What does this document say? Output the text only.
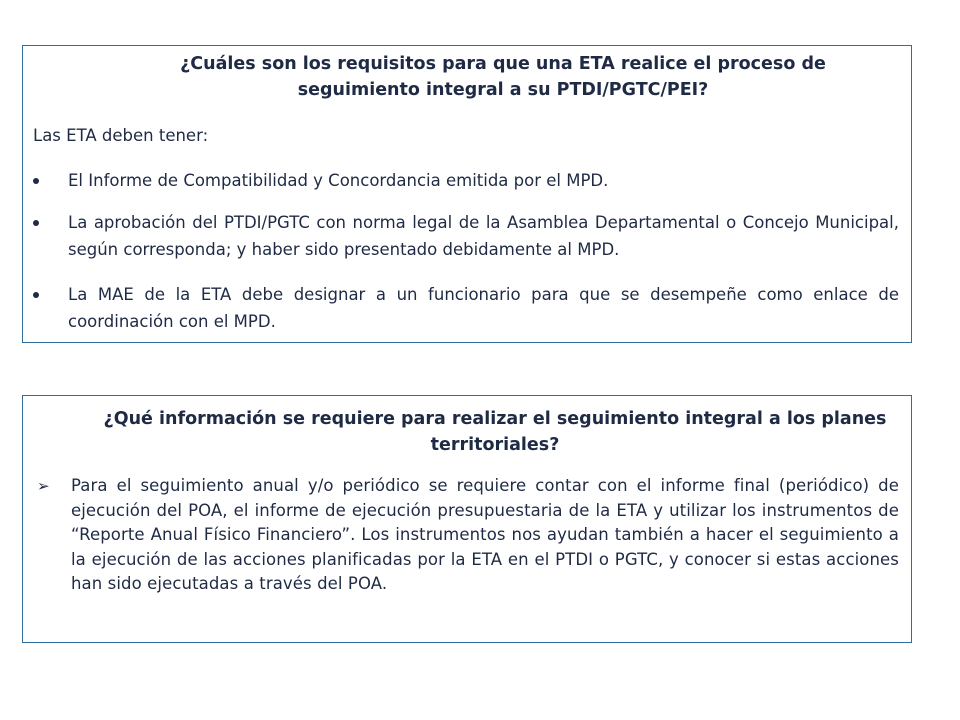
¿Cuáles son los requisitos para que una ETA realice el proceso de seguimiento integral a su PTDI/PGTC/PEI?
Las ETA deben tener:
El Informe de Compatibilidad y Concordancia emitida por el MPD.
La aprobación del PTDI/PGTC con norma legal de la Asamblea Departamental o Concejo Municipal, según corresponda; y haber sido presentado debidamente al MPD.
La MAE de la ETA debe designar a un funcionario para que se desempeñe como enlace de coordinación con el MPD.
¿Qué información se requiere para realizar el seguimiento integral a los planes territoriales?
➢ Para el seguimiento anual y/o periódico se requiere contar con el informe final (periódico) de ejecución del POA, el informe de ejecución presupuestaria de la ETA y utilizar los instrumentos de “Reporte Anual Físico Financiero”. Los instrumentos nos ayudan también a hacer el seguimiento a la ejecución de las acciones planificadas por la ETA en el PTDI o PGTC, y conocer si estas acciones han sido ejecutadas a través del POA.
